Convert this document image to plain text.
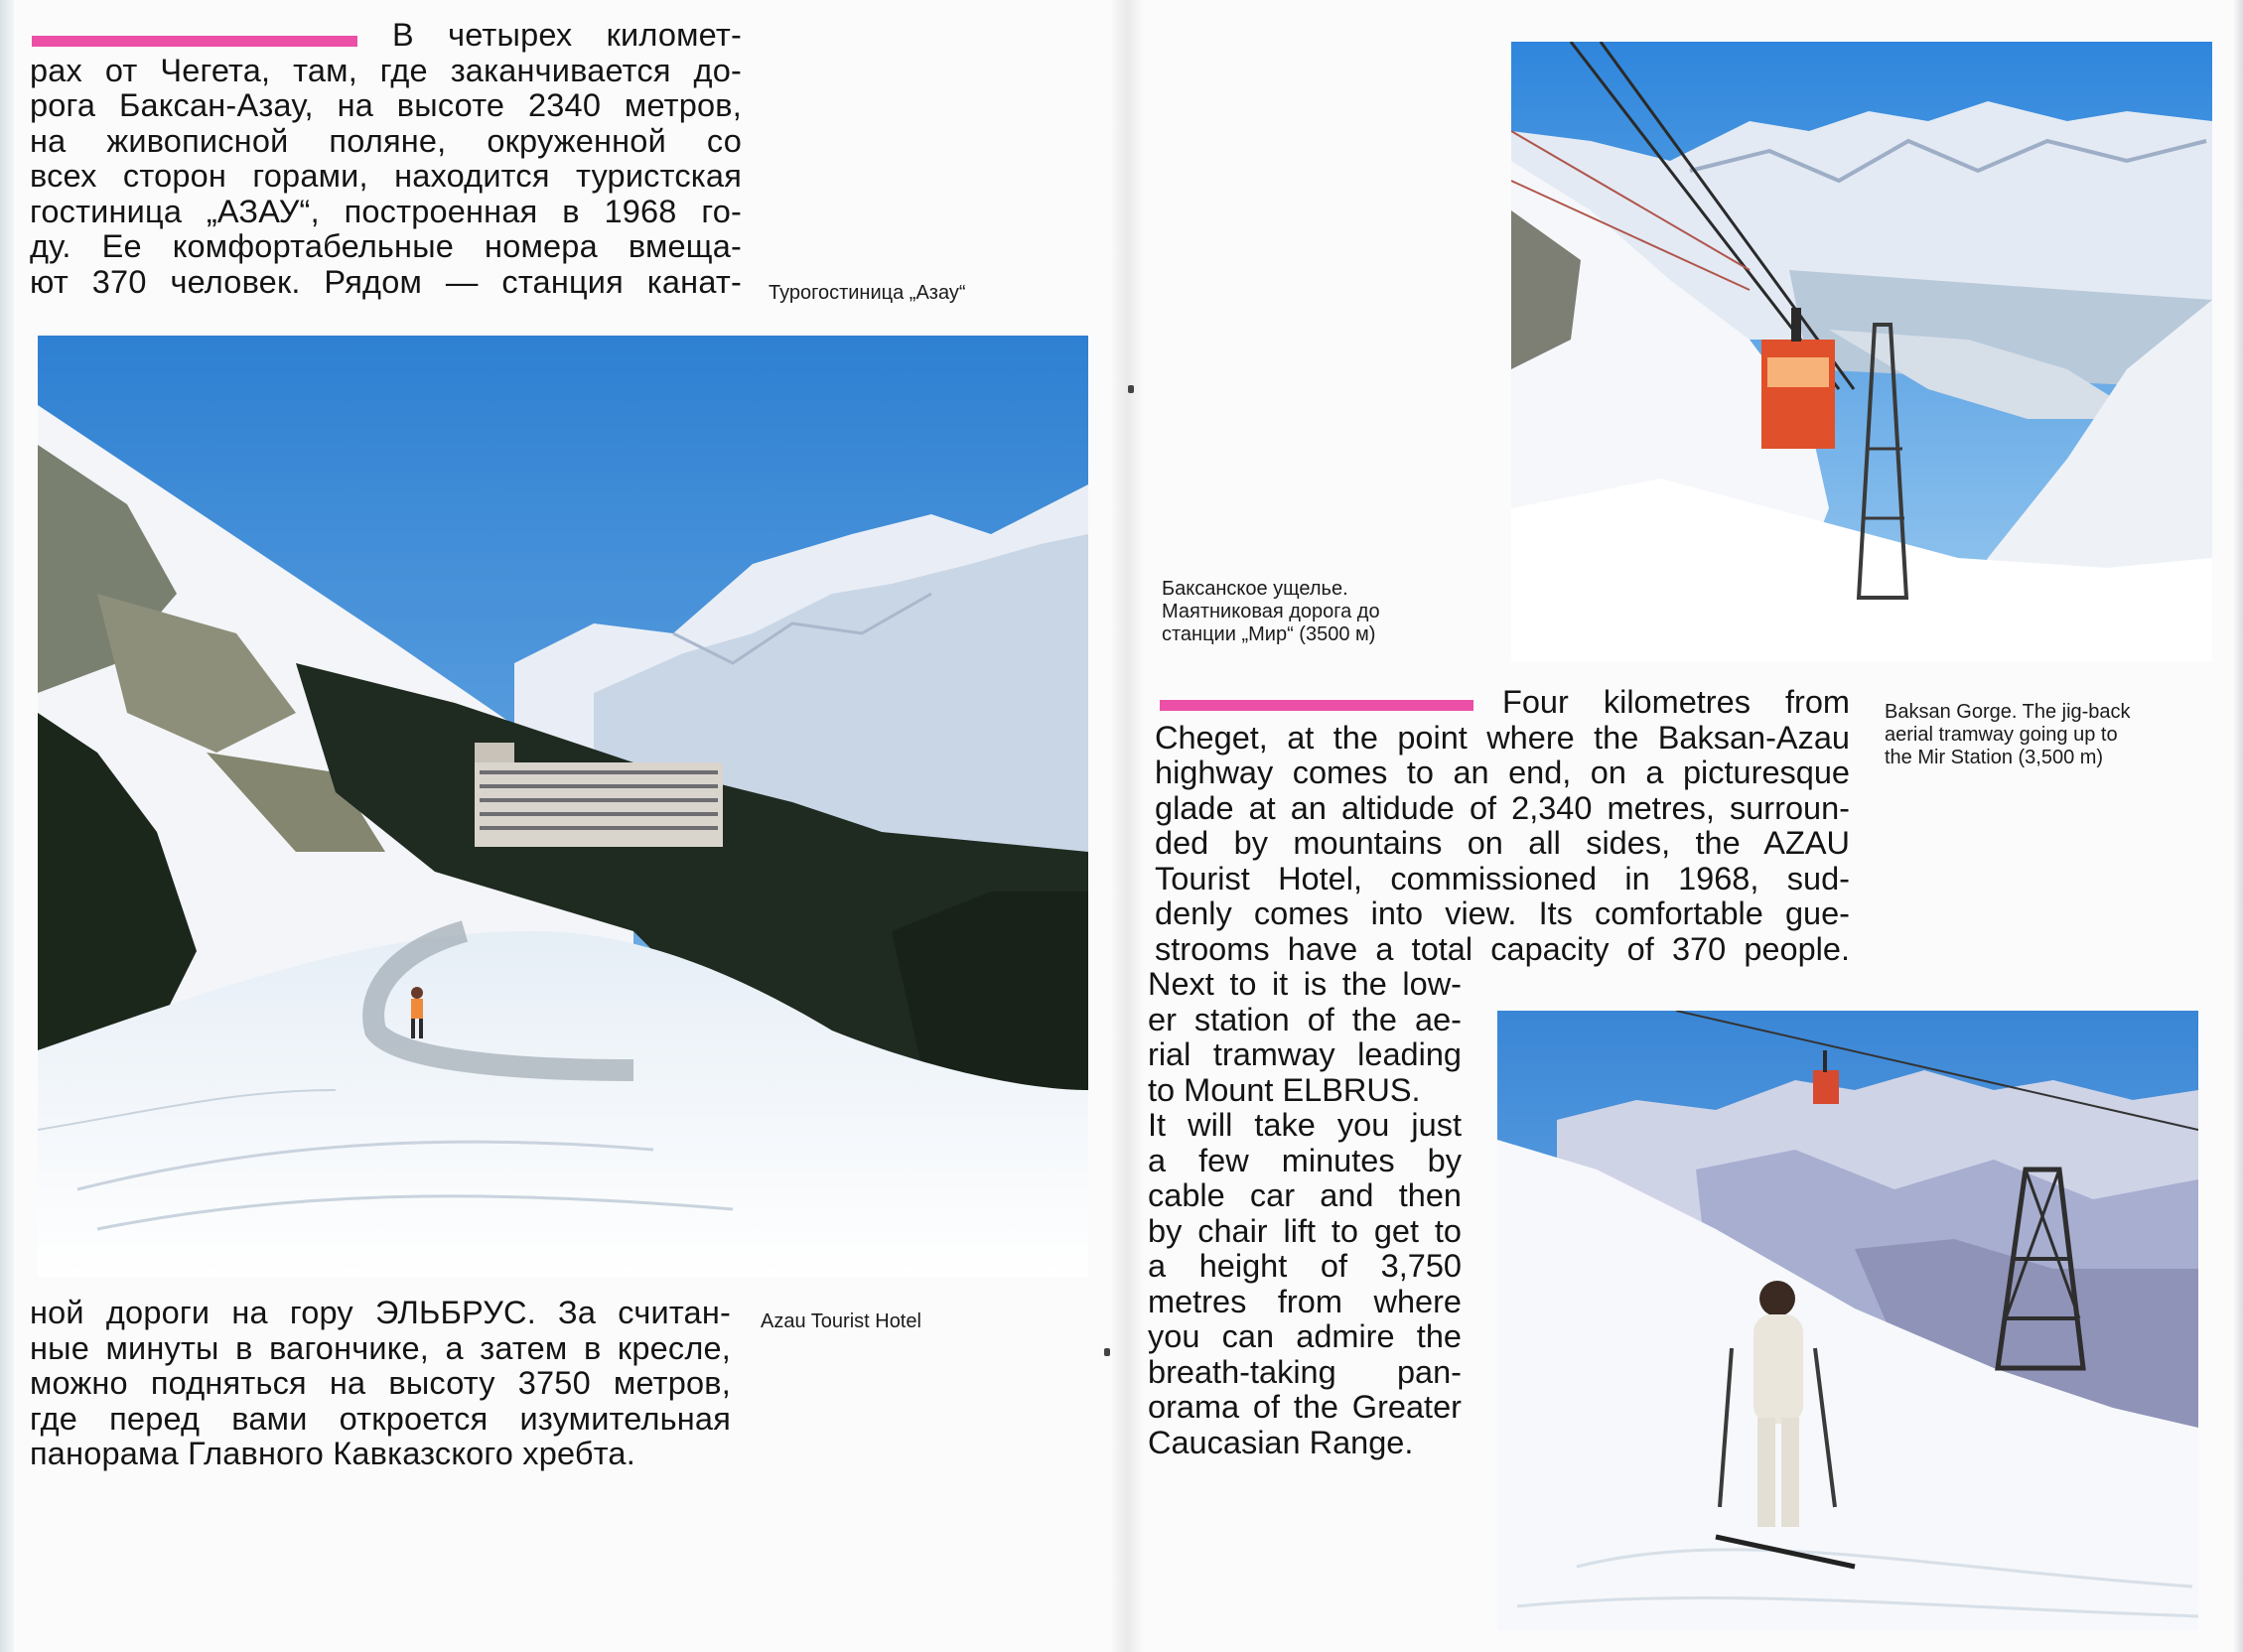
В четырех километ-
рах от Чегета, там, где заканчивается до-
рога Баксан-Азау, на высоте 2340 метров,
на живописной поляне, окруженной со
всех сторон горами, находится туристская
гостиница „АЗАУ“, построенная в 1968 го-
ду. Ее комфортабельные номера вмеща-
ют 370 человек. Рядом — станция канат- Турогостиница „Азау“
ной дороги на гору ЭЛЬБРУС. За считан-
ные минуты в вагончике, а затем в кресле,
можно подняться на высоту 3750 метров,
где перед вами откроется изумительная
панорама Главного Кавказского хребта.
Azau Tourist Hotel
Баксанское ущелье.
Маятниковая дорога до
станции „Мир“ (3500 м)
Four kilometres from
Cheget, at the point where the Baksan-Azau
highway comes to an end, on a picturesque
glade at an altidude of 2,340 metres, surroun-
ded by mountains on all sides, the AZAU
Tourist Hotel, commissioned in 1968, sud-
denly comes into view. Its comfortable gue-
strooms have a total capacity of 370 people.
Baksan Gorge. The jig-back
aerial tramway going up to
the Mir Station (3,500 m)
Next to it is the low-
er station of the ae-
rial tramway leading
to Mount ELBRUS.
It will take you just
a few minutes by
cable car and then
by chair lift to get to
a height of 3,750
metres from where
you can admire the
breath-taking pan-
orama of the Greater
Caucasian Range.
